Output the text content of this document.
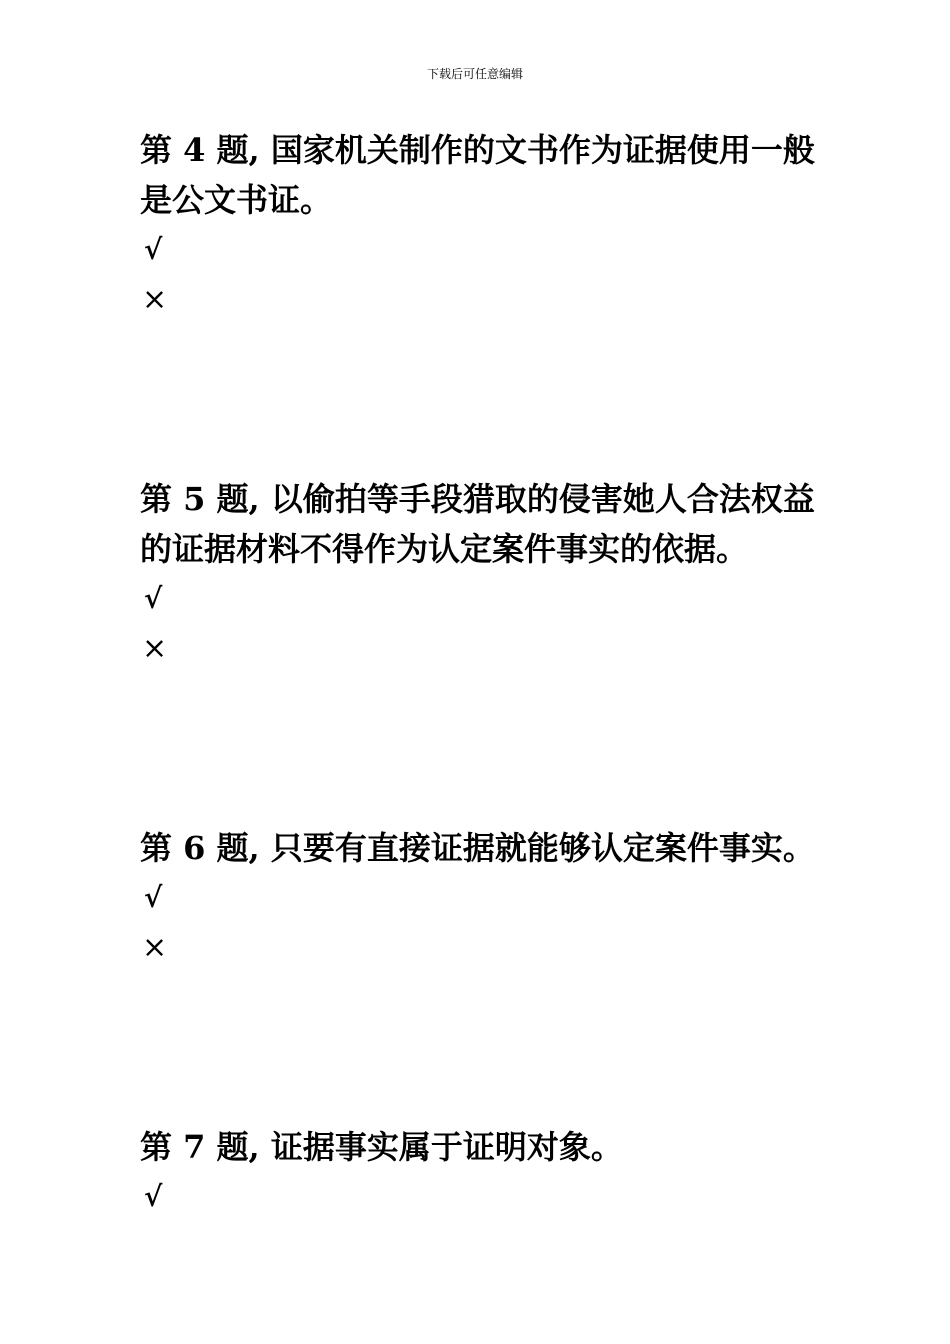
下载后可任意编辑

第 4 题, 国家机关制作的文书作为证据使用一般是公文书证。

√
×

第 5 题, 以偷拍等手段猎取的侵害她人合法权益的证据材料不得作为认定案件事实的依据。

√
×

第 6 题, 只要有直接证据就能够认定案件事实。

√
×

第 7 题, 证据事实属于证明对象。

√
